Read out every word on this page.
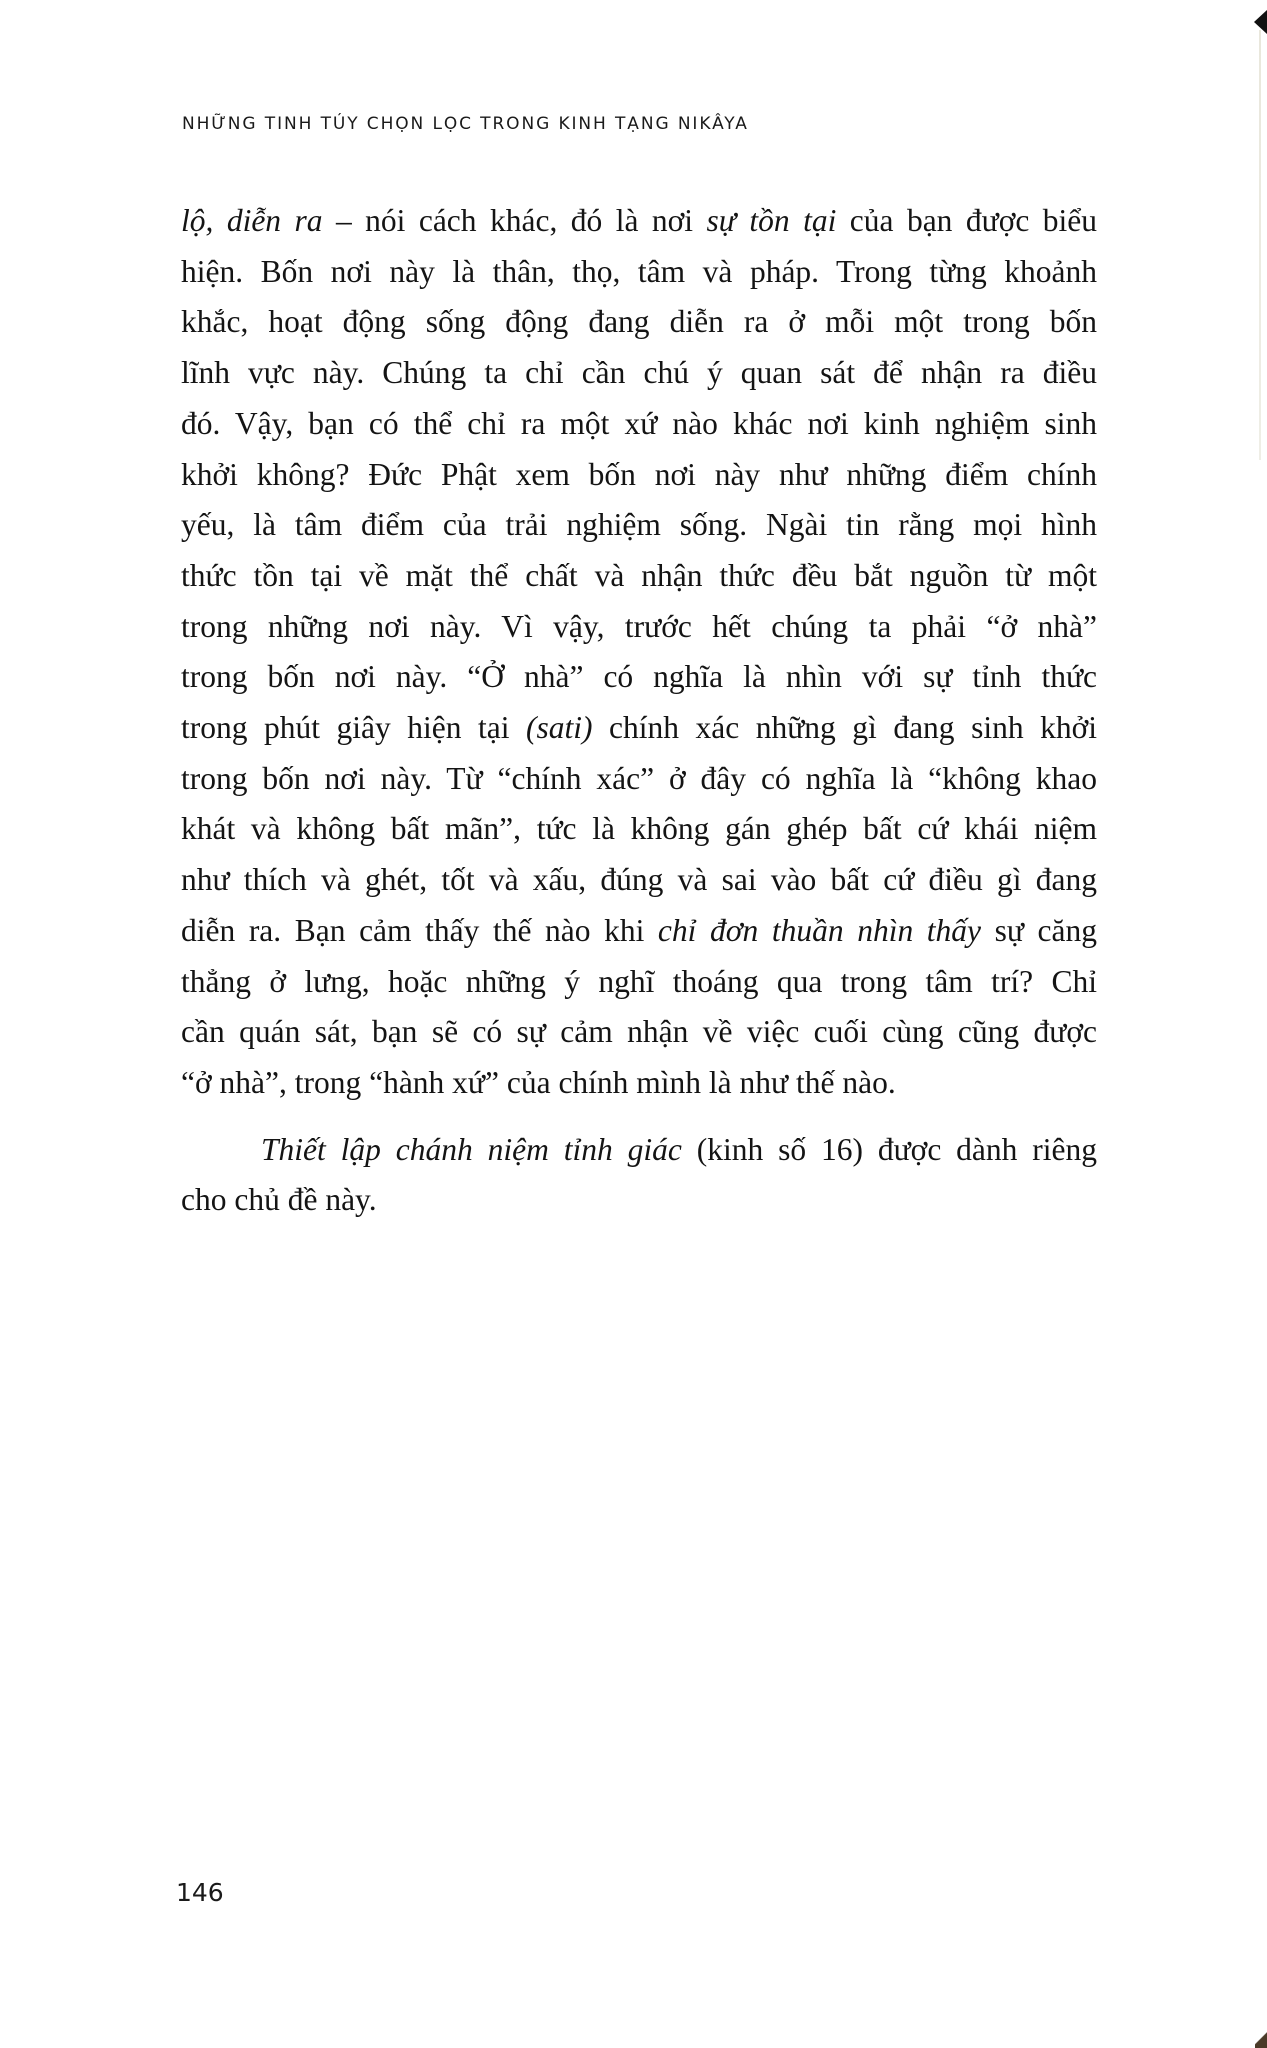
NHỮNG TINH TÚY CHỌN LỌC TRONG KINH TẠNG NIKÂYA

lộ, diễn ra – nói cách khác, đó là nơi sự tồn tại của bạn được biểu
hiện. Bốn nơi này là thân, thọ, tâm và pháp. Trong từng khoảnh
khắc, hoạt động sống động đang diễn ra ở mỗi một trong bốn
lĩnh vực này. Chúng ta chỉ cần chú ý quan sát để nhận ra điều
đó. Vậy, bạn có thể chỉ ra một xứ nào khác nơi kinh nghiệm sinh
khởi không? Đức Phật xem bốn nơi này như những điểm chính
yếu, là tâm điểm của trải nghiệm sống. Ngài tin rằng mọi hình
thức tồn tại về mặt thể chất và nhận thức đều bắt nguồn từ một
trong những nơi này. Vì vậy, trước hết chúng ta phải “ở nhà”
trong bốn nơi này. “Ở nhà” có nghĩa là nhìn với sự tỉnh thức
trong phút giây hiện tại (sati) chính xác những gì đang sinh khởi
trong bốn nơi này. Từ “chính xác” ở đây có nghĩa là “không khao
khát và không bất mãn”, tức là không gán ghép bất cứ khái niệm
như thích và ghét, tốt và xấu, đúng và sai vào bất cứ điều gì đang
diễn ra. Bạn cảm thấy thế nào khi chỉ đơn thuần nhìn thấy sự căng
thẳng ở lưng, hoặc những ý nghĩ thoáng qua trong tâm trí? Chỉ
cần quán sát, bạn sẽ có sự cảm nhận về việc cuối cùng cũng được
“ở nhà”, trong “hành xứ” của chính mình là như thế nào.

Thiết lập chánh niệm tỉnh giác (kinh số 16) được dành riêng
cho chủ đề này.

146
